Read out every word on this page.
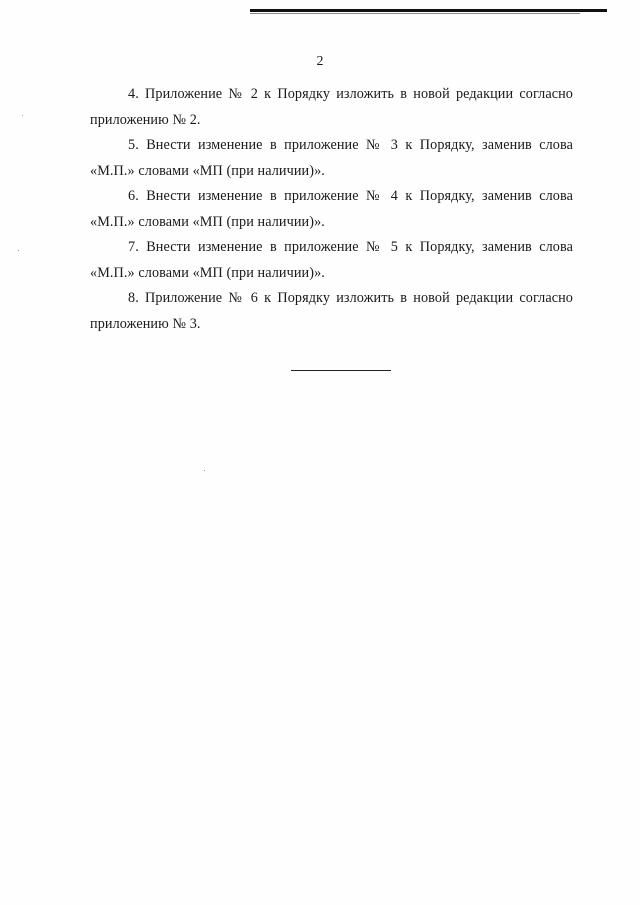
2

4. Приложение № 2 к Порядку изложить в новой редакции согласно
приложению № 2.

5. Внести изменение в приложение № 3 к Порядку, заменив слова
«М.П.» словами «МП (при наличии)».

6. Внести изменение в приложение № 4 к Порядку, заменив слова
«М.П.» словами «МП (при наличии)».

7. Внести изменение в приложение № 5 к Порядку, заменив слова
«М.П.» словами «МП (при наличии)».

8. Приложение № 6 к Порядку изложить в новой редакции согласно
приложению № 3.
